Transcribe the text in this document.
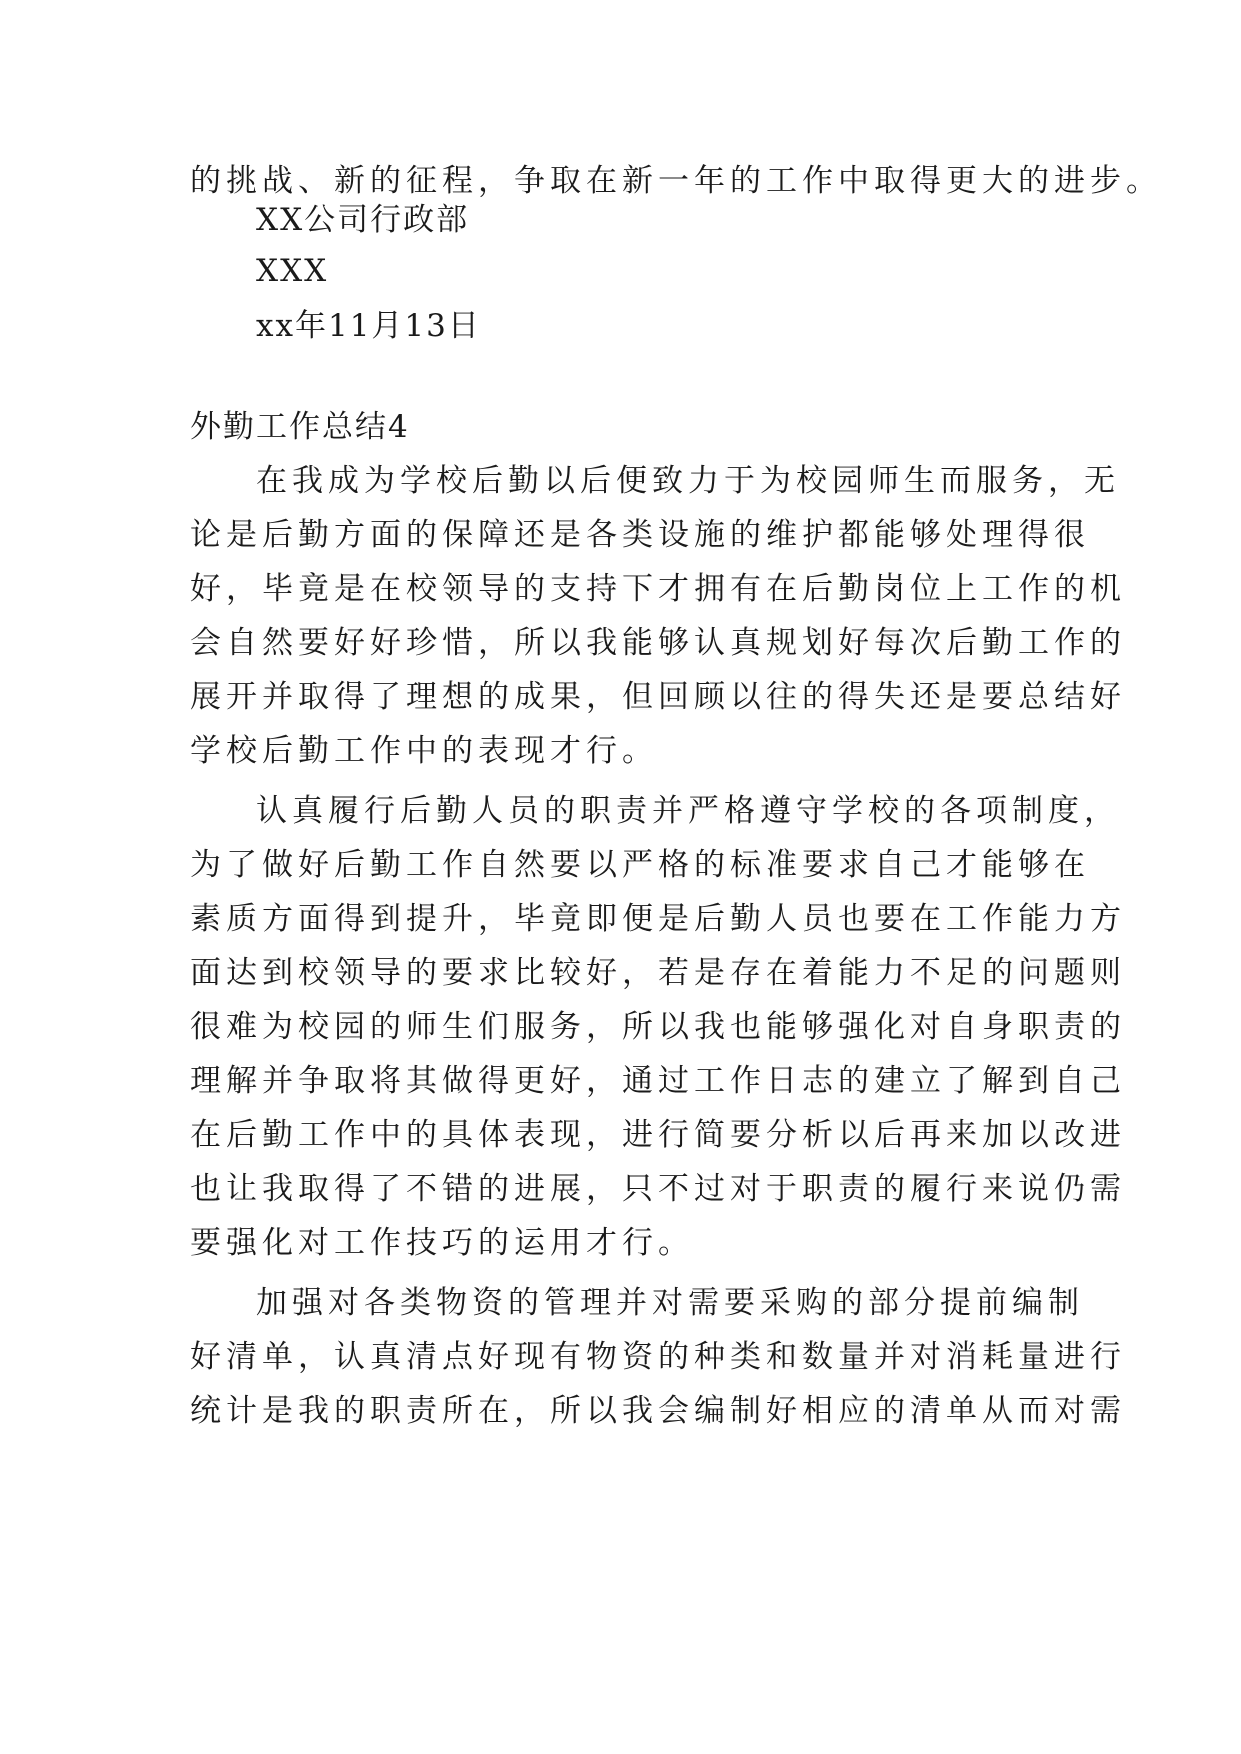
的挑战、新的征程，争取在新一年的工作中取得更大的进步。
XX公司行政部
XXX
xx年11月13日
外勤工作总结4
在我成为学校后勤以后便致力于为校园师生而服务，无
论是后勤方面的保障还是各类设施的维护都能够处理得很
好，毕竟是在校领导的支持下才拥有在后勤岗位上工作的机
会自然要好好珍惜，所以我能够认真规划好每次后勤工作的
展开并取得了理想的成果，但回顾以往的得失还是要总结好
学校后勤工作中的表现才行。
认真履行后勤人员的职责并严格遵守学校的各项制度，
为了做好后勤工作自然要以严格的标准要求自己才能够在
素质方面得到提升，毕竟即便是后勤人员也要在工作能力方
面达到校领导的要求比较好，若是存在着能力不足的问题则
很难为校园的师生们服务，所以我也能够强化对自身职责的
理解并争取将其做得更好，通过工作日志的建立了解到自己
在后勤工作中的具体表现，进行简要分析以后再来加以改进
也让我取得了不错的进展，只不过对于职责的履行来说仍需
要强化对工作技巧的运用才行。
加强对各类物资的管理并对需要采购的部分提前编制
好清单，认真清点好现有物资的种类和数量并对消耗量进行
统计是我的职责所在，所以我会编制好相应的清单从而对需
